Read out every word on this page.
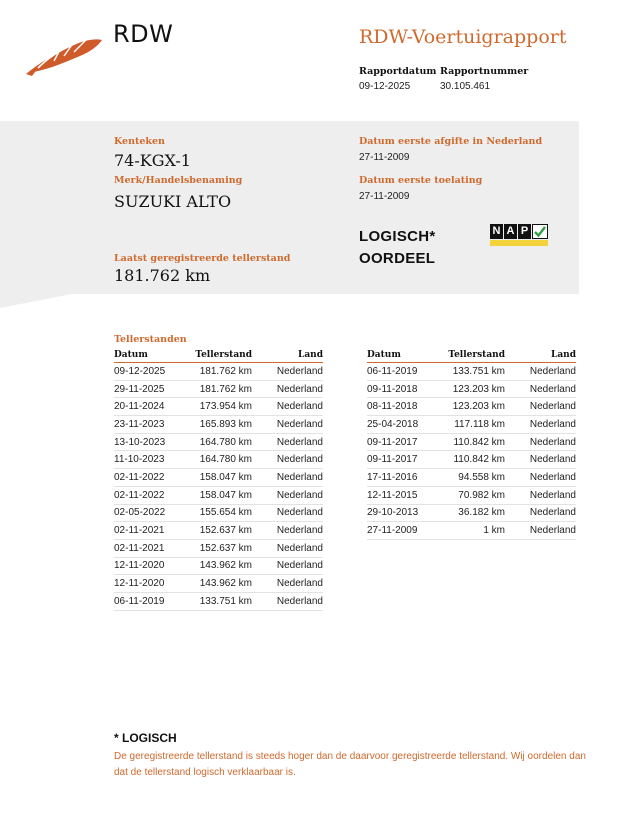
RDW	RDW-Voertuigrapport
Rapportdatum Rapportnummer
09-12-2025	30.105.461
Kenteken
74-KGX-1
Merk/Handelsbenaming
SUZUKI ALTO
Laatst geregistreerde tellerstand
181.762 km
Datum eerste afgifte in Nederland
27-11-2009
Datum eerste toelating
27-11-2009
LOGISCH*
OORDEEL
N A P
Tellerstanden
Datum	Tellerstand	Land
09-12-2025	181.762 km	Nederland
29-11-2025	181.762 km	Nederland
20-11-2024	173.954 km	Nederland
23-11-2023	165.893 km	Nederland
13-10-2023	164.780 km	Nederland
11-10-2023	164.780 km	Nederland
02-11-2022	158.047 km	Nederland
02-11-2022	158.047 km	Nederland
02-05-2022	155.654 km	Nederland
02-11-2021	152.637 km	Nederland
02-11-2021	152.637 km	Nederland
12-11-2020	143.962 km	Nederland
12-11-2020	143.962 km	Nederland
06-11-2019	133.751 km	Nederland
Datum	Tellerstand	Land
06-11-2019	133.751 km	Nederland
09-11-2018	123.203 km	Nederland
08-11-2018	123.203 km	Nederland
25-04-2018	117.118 km	Nederland
09-11-2017	110.842 km	Nederland
09-11-2017	110.842 km	Nederland
17-11-2016	94.558 km	Nederland
12-11-2015	70.982 km	Nederland
29-10-2013	36.182 km	Nederland
27-11-2009	1 km	Nederland
* LOGISCH
De geregistreerde tellerstand is steeds hoger dan de daarvoor geregistreerde tellerstand. Wij oordelen dan dat de tellerstand logisch verklaarbaar is.
